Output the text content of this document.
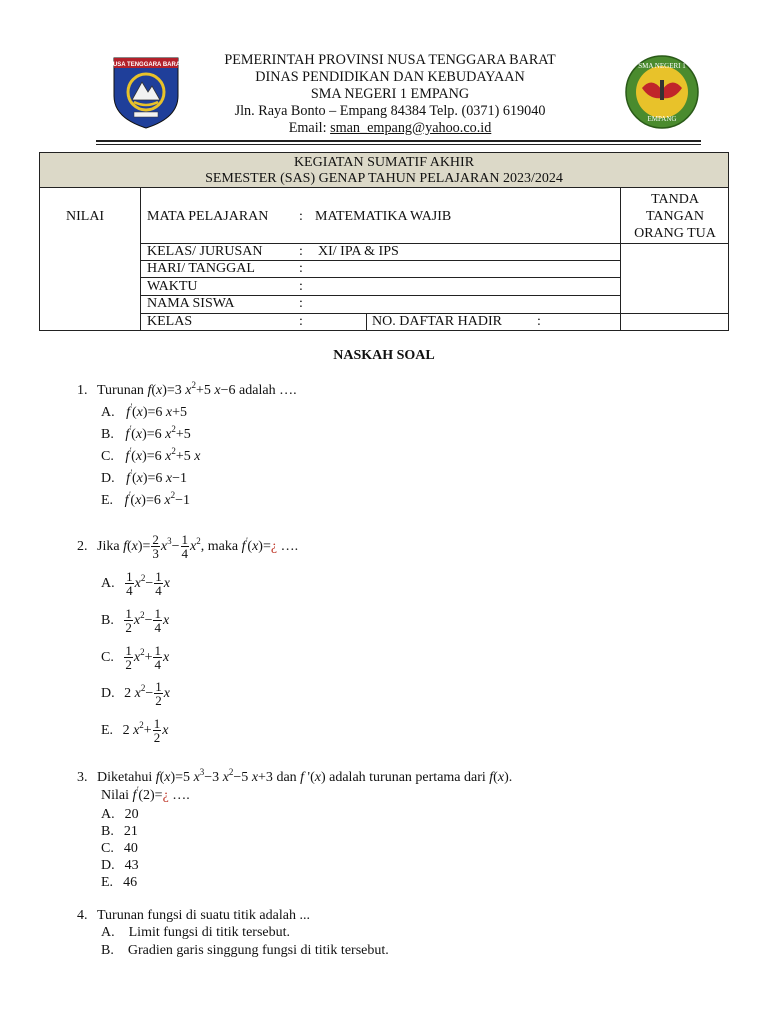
NUSA TENGGARA BARAT	PEMERINTAH PROVINSI NUSA TENGGARA BARAT
DINAS PENDIDIKAN DAN KEBUDAYAAN
SMA NEGERI 1 EMPANG
Jln. Raya Bonto – Empang 84384 Telp. (0371) 619040
Email: sman_empang@yahoo.co.id
SMA NEGERI 1
EMPANG
KEGIATAN SUMATIF AKHIR
SEMESTER (SAS) GENAP TAHUN PELAJARAN 2023/2024
NILAI
TANDA
TANGAN
ORANG TUA
MATA PELAJARAN : MATEMATIKA WAJIB
KELAS/ JURUSAN	: XI/ IPA & IPS
HARI/ TANGGAL	:
WAKTU	:
NAMA SISWA	:
KELAS	:	NO. DAFTAR HADIR	:
NASKAH SOAL
1. Turunan f(x)=3 $x^2+5$ x−6 adalah ….
A. f'(x)=6 x+5
B. f'(x)=6 $x^2+5$
C. f'(x)=6 $x^2+5$ x
D. f'(x)=6 x−1
E. f'(x)=6 $x^2-1$
2. Jika $f(x)= \frac{2}{3} x^3- \frac{1}{4} x^2$, maka f'(x)=¿ ….
A. $\frac{1}{4} x^2- \frac{1}{4}$ x
B. $\frac{1}{2} x^2- \frac{1}{4}$ x
C. $\frac{1}{2} x^2+ \frac{1}{4}$ x
D. 2 $x^2- \frac{1}{2}$ x
E. 2 $x^2+ \frac{1}{2}$ x
3. Diketahui f(x)=5 $x^3-3$ $x^2-5$ x+3 dan f '(x) adalah turunan pertama dari f(x).
Nilai f'(2)=¿ ….
A. 20
B. 21
C. 40
D. 43
E. 46
4. Turunan fungsi di suatu titik adalah ...
A. Limit fungsi di titik tersebut.
B. Gradien garis singgung fungsi di titik tersebut.
